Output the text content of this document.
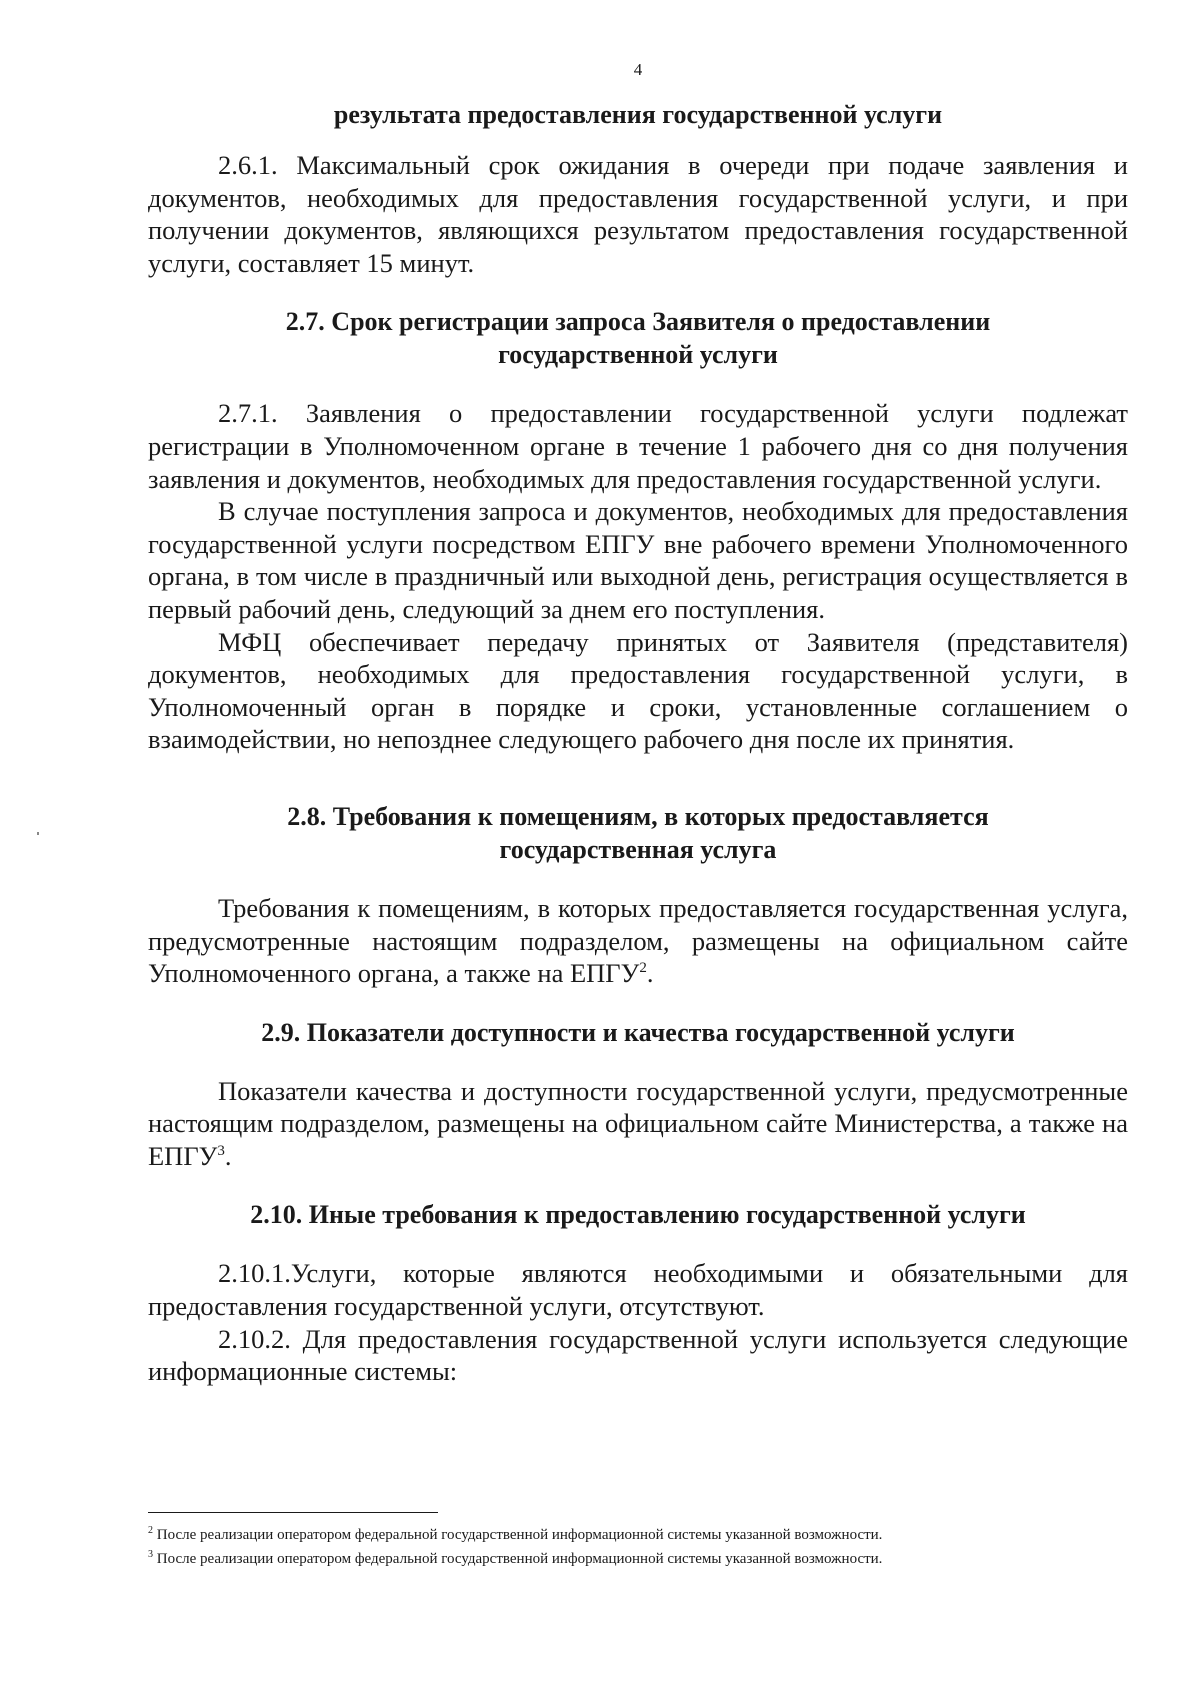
4

результата предоставления государственной услуги

2.6.1. Максимальный срок ожидания в очереди при подаче заявления и документов, необходимых для предоставления государственной услуги, и при получении документов, являющихся результатом предоставления государственной услуги, составляет 15 минут.

2.7. Срок регистрации запроса Заявителя о предоставлении

государственной услуги

2.7.1. Заявления о предоставлении государственной услуги подлежат регистрации в Уполномоченном органе в течение 1 рабочего дня со дня получения заявления и документов, необходимых для предоставления государственной услуги.

В случае поступления запроса и документов, необходимых для предоставления государственной услуги посредством ЕПГУ вне рабочего времени Уполномоченного органа, в том числе в праздничный или выходной день, регистрация осуществляется в первый рабочий день, следующий за днем его поступления.

МФЦ обеспечивает передачу принятых от Заявителя (представителя) документов, необходимых для предоставления государственной услуги, в Уполномоченный орган в порядке и сроки, установленные соглашением о взаимодействии, но непозднее следующего рабочего дня после их принятия.

2.8. Требования к помещениям, в которых предоставляется

государственная услуга

Требования к помещениям, в которых предоставляется государственная услуга, предусмотренные настоящим подразделом, размещены на официальном сайте Уполномоченного органа, а также на ЕПГУ$^2$.

2.9. Показатели доступности и качества государственной услуги

Показатели качества и доступности государственной услуги, предусмотренные настоящим подразделом, размещены на официальном сайте Министерства, а также на ЕПГУ$^3$.

2.10. Иные требования к предоставлению государственной услуги

2.10.1.Услуги, которые являются необходимыми и обязательными для предоставления государственной услуги, отсутствуют.

2.10.2. Для предоставления государственной услуги используется следующие информационные системы:

$^2$ После реализации оператором федеральной государственной информационной системы указанной возможности.

$^3$ После реализации оператором федеральной государственной информационной системы указанной возможности.
